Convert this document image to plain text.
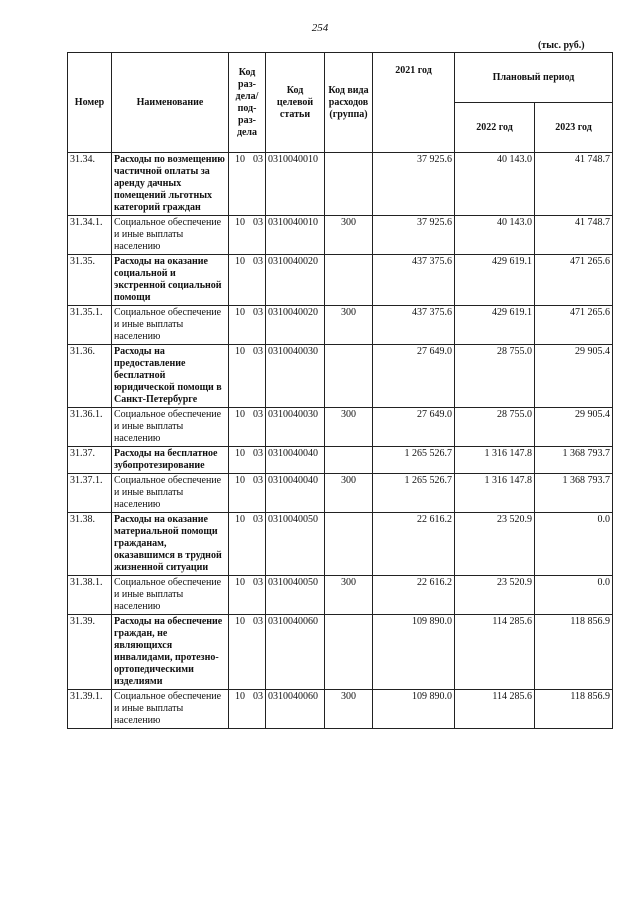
254
(тыс. руб.)
Номер	Наименование	Код раз-дела/ под-раз-дела	Код целевой статьи	Код вида расходов (группа)	2021 год	Плановый период	
						2022 год	2023 год
31.34.	Расходы по возмещению частичной оплаты за аренду дачных помещений льготных категорий граждан	10 03	0310040010		37 925.6	40 143.0	41 748.7
31.34.1.	Социальное обеспечение и иные выплаты населению	10 03	0310040010	300	37 925.6	40 143.0	41 748.7
31.35.	Расходы на оказание социальной и экстренной социальной помощи	10 03	0310040020		437 375.6	429 619.1	471 265.6
31.35.1.	Социальное обеспечение и иные выплаты населению	10 03	0310040020	300	437 375.6	429 619.1	471 265.6
31.36.	Расходы на предоставление бесплатной юридической помощи в Санкт-Петербурге	10 03	0310040030		27 649.0	28 755.0	29 905.4
31.36.1.	Социальное обеспечение и иные выплаты населению	10 03	0310040030	300	27 649.0	28 755.0	29 905.4
31.37.	Расходы на бесплатное зубопротезирование	10 03	0310040040		1 265 526.7	1 316 147.8	1 368 793.7
31.37.1.	Социальное обеспечение и иные выплаты населению	10 03	0310040040	300	1 265 526.7	1 316 147.8	1 368 793.7
31.38.	Расходы на оказание материальной помощи гражданам, оказавшимся в трудной жизненной ситуации	10 03	0310040050		22 616.2	23 520.9	0.0
31.38.1.	Социальное обеспечение и иные выплаты населению	10 03	0310040050	300	22 616.2	23 520.9	0.0
31.39.	Расходы на обеспечение граждан, не являющихся инвалидами, протезно-ортопедическими изделиями	10 03	0310040060		109 890.0	114 285.6	118 856.9
31.39.1.	Социальное обеспечение и иные выплаты населению	10 03	0310040060	300	109 890.0	114 285.6	118 856.9
